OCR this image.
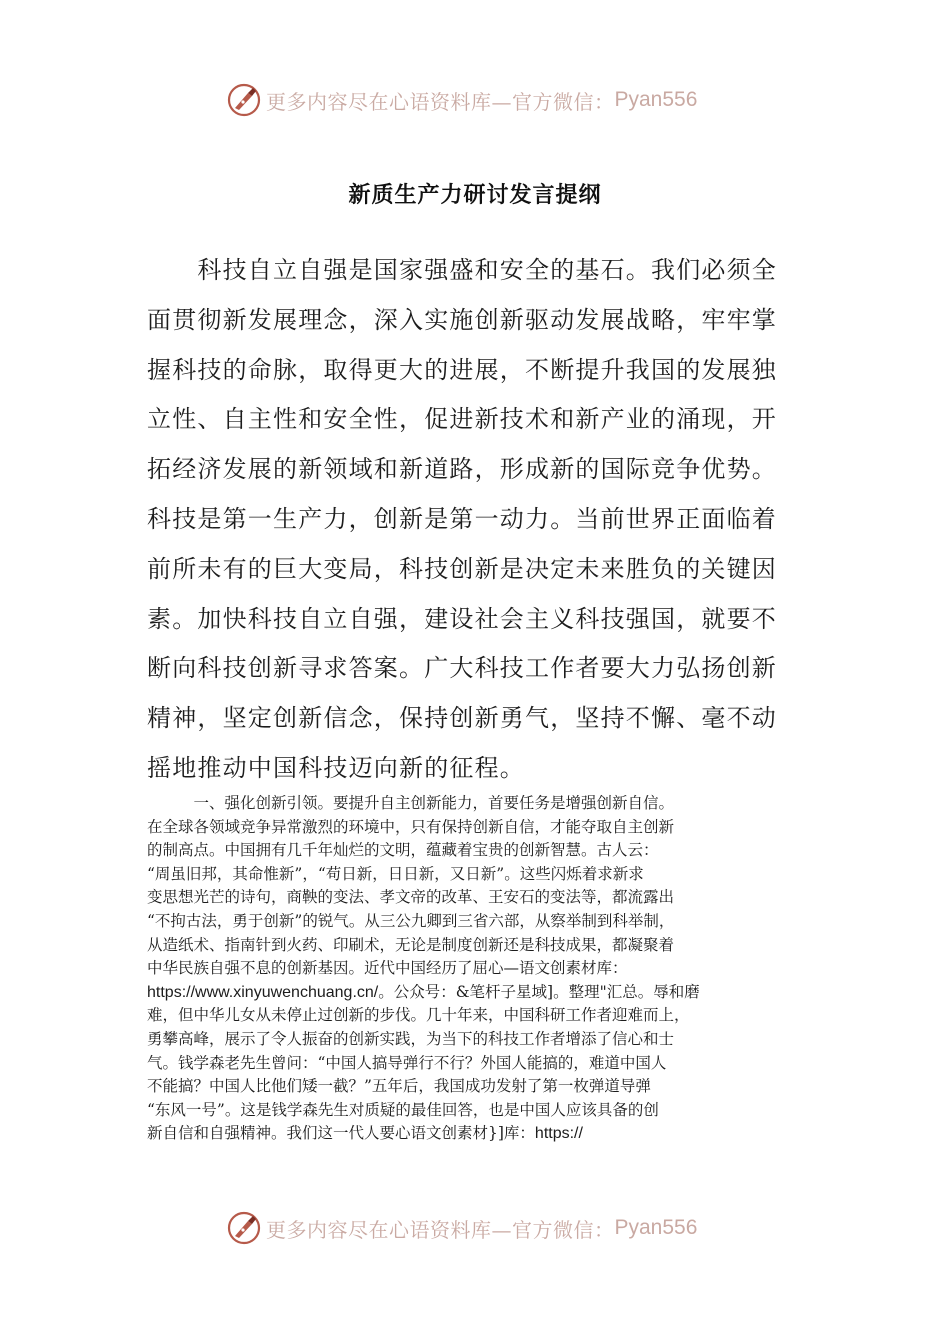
更多内容尽在心语资料库—官方微信： Pyan556
新质生产力研讨发言提纲
　　科技自立自强是国家强盛和安全的基石。我们必须全
面贯彻新发展理念，深入实施创新驱动发展战略，牢牢掌
握科技的命脉，取得更大的进展，不断提升我国的发展独
立性、自主性和安全性，促进新技术和新产业的涌现，开
拓经济发展的新领域和新道路，形成新的国际竞争优势。
科技是第一生产力，创新是第一动力。当前世界正面临着
前所未有的巨大变局，科技创新是决定未来胜负的关键因
素。加快科技自立自强，建设社会主义科技强国，就要不
断向科技创新寻求答案。广大科技工作者要大力弘扬创新
精神，坚定创新信念，保持创新勇气，坚持不懈、毫不动
摇地推动中国科技迈向新的征程。
　　　一、强化创新引领。要提升自主创新能力，首要任务是增强创新自信。
在全球各领域竞争异常激烈的环境中，只有保持创新自信，才能夺取自主创新
的制高点。中国拥有几千年灿烂的文明，蕴藏着宝贵的创新智慧。古人云：
“周虽旧邦，其命惟新”，“苟日新，日日新，又日新”。这些闪烁着求新求
变思想光芒的诗句，商鞅的变法、孝文帝的改革、王安石的变法等，都流露出
“不拘古法，勇于创新”的锐气。从三公九卿到三省六部，从察举制到科举制，
从造纸术、指南针到火药、印刷术，无论是制度创新还是科技成果，都凝聚着
中华民族自强不息的创新基因。近代中国经历了屈心—语文创素材库：
https://www.xinyuwenchuang.cn/。公众号：&笔杆子星域]。整理"汇总。辱和磨
难，但中华儿女从未停止过创新的步伐。几十年来，中国科研工作者迎难而上，
勇攀高峰，展示了令人振奋的创新实践，为当下的科技工作者增添了信心和士
气。钱学森老先生曾问：“中国人搞导弹行不行？外国人能搞的，难道中国人
不能搞？中国人比他们矮一截？”五年后，我国成功发射了第一枚弹道导弹
“东风一号”。这是钱学森先生对质疑的最佳回答，也是中国人应该具备的创
新自信和自强精神。我们这一代人要心语文创素材}]库：https://
更多内容尽在心语资料库—官方微信： Pyan556
